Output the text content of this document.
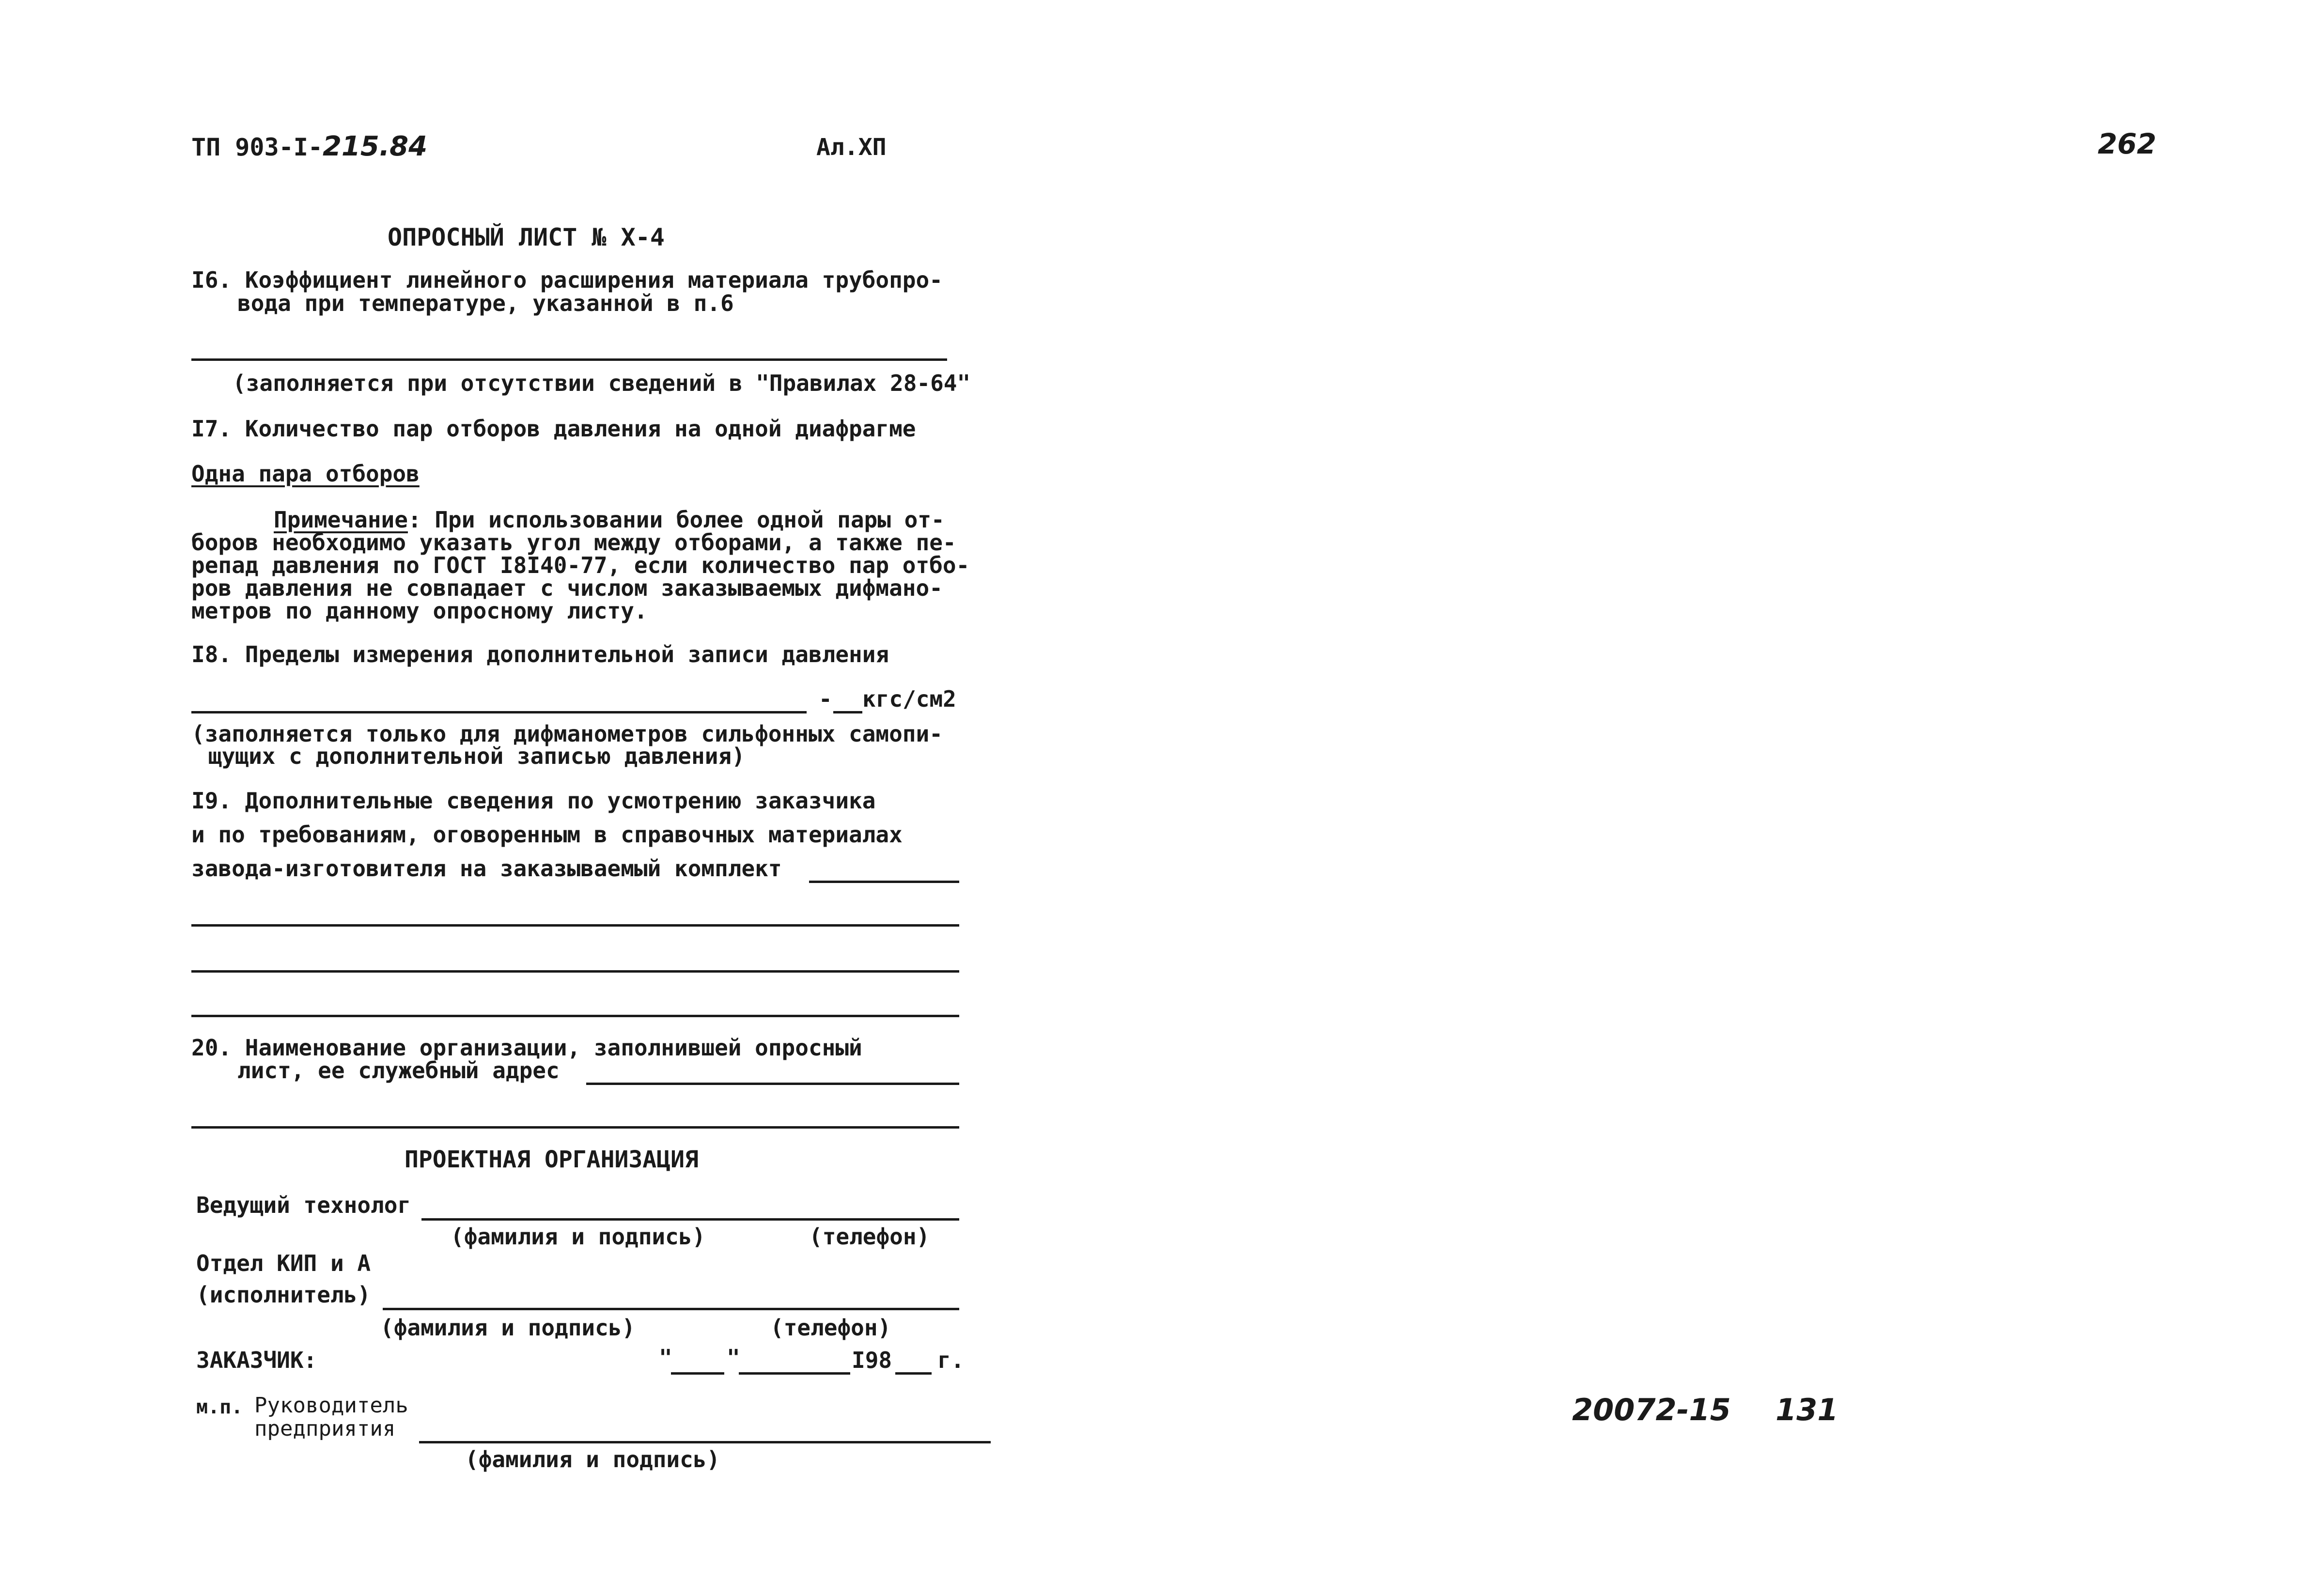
ТП 903-I-215.84	Ал.ХП	262
ОПРОСНЫЙ ЛИСТ № Х-4
I6. Коэффициент линейного расширения материала трубопро-
вода при температуре, указанной в п.6
(заполняется при отсутствии сведений в "Правилах 28-64"
I7. Количество пар отборов давления на одной диафрагме
Одна пара отборов
Примечание: При использовании более одной пары от-
боров необходимо указать угол между отборами, а также пе-
репад давления по ГОСТ I8I40-77, если количество пар отбо-
ров давления не совпадает с числом заказываемых дифмано-
метров по данному опросному листу.
I8. Пределы измерения дополнительной записи давления
- кгс/см2
(заполняется только для дифманометров сильфонных самопи-
щущих с дополнительной записью давления)
I9. Дополнительные сведения по усмотрению заказчика
и по требованиям, оговоренным в справочных материалах
завода-изготовителя на заказываемый комплект
20. Наименование организации, заполнившей опросный
лист, ее служебный адрес
ПРОЕКТНАЯ ОРГАНИЗАЦИЯ
Ведущий технолог
(фамилия и подпись)	(телефон)
Отдел КИП и А
(исполнитель)
(фамилия и подпись)	(телефон)
ЗАКАЗЧИК:	" "	I98 г.
м.п. Руководитель
предприятия
(фамилия и подпись)
20072-15 131
